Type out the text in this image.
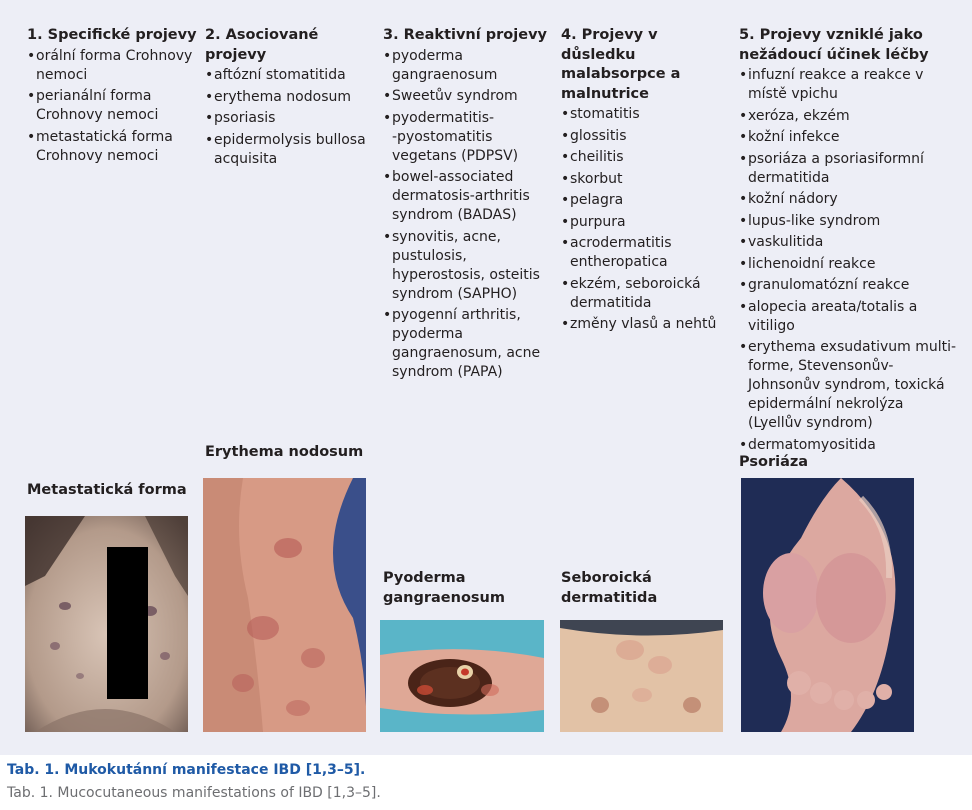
1. Specifické projevy
• orální forma Crohnovy nemoci
• perianální forma Crohnovy nemoci
• metastatická forma Crohnovy nemoci
2. Asociované projevy
• aftózní stomatitida
• erythema nodosum
• psoriasis
• epidermolysis bullosa acquisita
3. Reaktivní projevy
• pyoderma gangraenosum
• Sweetův syndrom
• pyodermatitis-‑pyostomatitis vegetans (PDPSV)
• bowel-associated dermatosis-arthritis syndrom (BADAS)
• synovitis, acne, pustulosis, hyperostosis, osteitis syndrom (SAPHO)
• pyogenní arthritis, pyoderma gangraenosum, acne syndrom (PAPA)
4. Projevy v důsledku malabsorpce a malnutrice
• stomatitis
• glossitis
• cheilitis
• skorbut
• pelagra
• purpura
• acrodermatitis entheropatica
• ekzém, seboroická dermatitida
• změny vlasů a nehtů
5. Projevy vzniklé jako nežádoucí účinek léčby
• infuzní reakce a reakce v místě vpichu
• xeróza, ekzém
• kožní infekce
• psoriáza a psoriasiformní dermatitida
• kožní nádory
• lupus-like syndrom
• vaskulitida
• lichenoidní reakce
• granulomatózní reakce
• alopecia areata/totalis a vitiligo
• erythema exsudativum multi-forme, Stevensonův-Johnsonův syndrom, toxická epidermální nekrolýza (Lyellův syndrom)
• dermatomyositida
Metastatická forma
Erythema nodosum
Pyoderma gangraenosum
Seboroická dermatitida
Psoriáza
Tab. 1. Mukokutánní manifestace IBD [1,3–5].
Tab. 1. Mucocutaneous manifestations of IBD [1,3–5].
